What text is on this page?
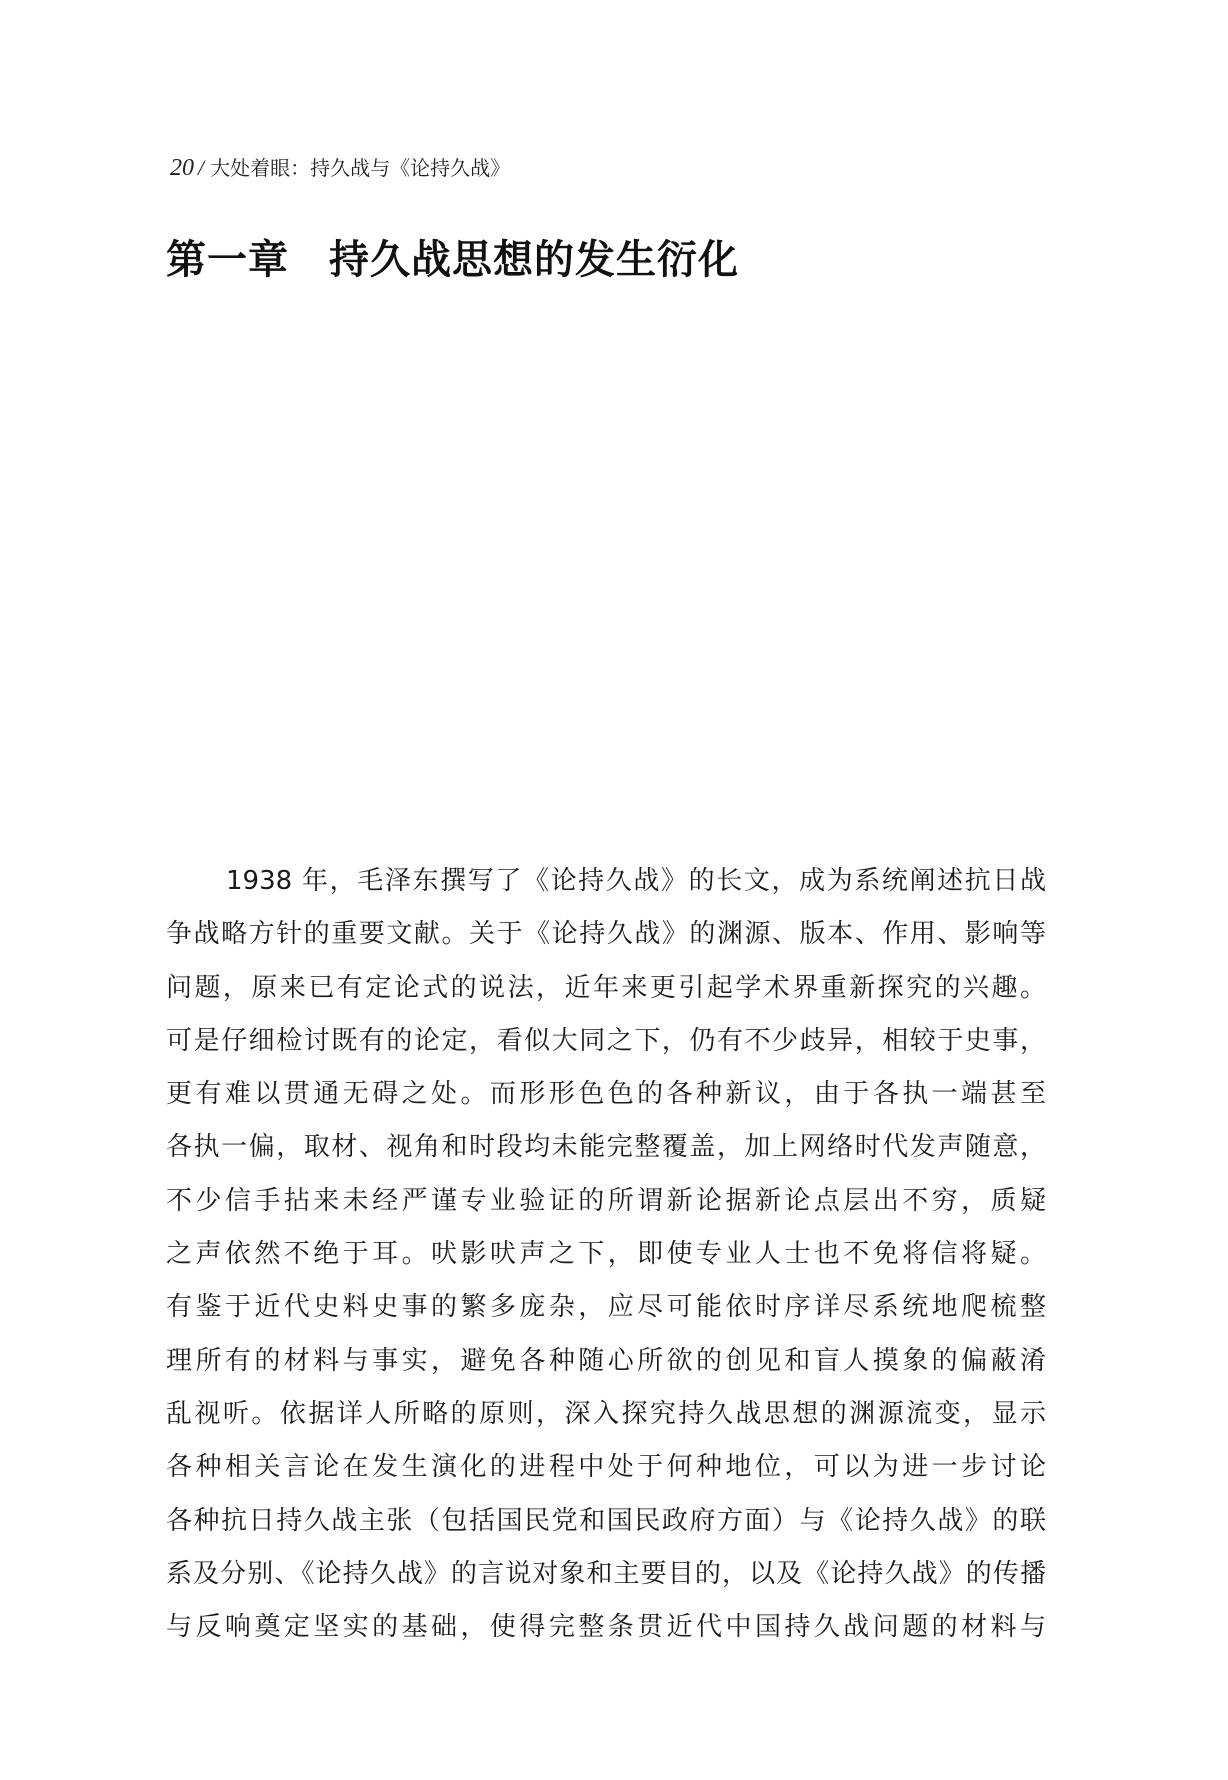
20 / 大处着眼：持久战与《论持久战》
第一章 持久战思想的发生衍化
1938 年，毛泽东撰写了《论持久战》的长文，成为系统阐述抗日战
争战略方针的重要文献。关于《论持久战》的渊源、版本、作用、影响等
问题，原来已有定论式的说法，近年来更引起学术界重新探究的兴趣。
可是仔细检讨既有的论定，看似大同之下，仍有不少歧异，相较于史事，
更有难以贯通无碍之处。而形形色色的各种新议，由于各执一端甚至
各执一偏，取材、视角和时段均未能完整覆盖，加上网络时代发声随意，
不少信手拈来未经严谨专业验证的所谓新论据新论点层出不穷，质疑
之声依然不绝于耳。吠影吠声之下，即使专业人士也不免将信将疑。
有鉴于近代史料史事的繁多庞杂，应尽可能依时序详尽系统地爬梳整
理所有的材料与事实，避免各种随心所欲的创见和盲人摸象的偏蔽淆
乱视听。依据详人所略的原则，深入探究持久战思想的渊源流变，显示
各种相关言论在发生演化的进程中处于何种地位，可以为进一步讨论
各种抗日持久战主张（包括国民党和国民政府方面）与《论持久战》的联
系及分别、《论持久战》的言说对象和主要目的，以及《论持久战》的传播
与反响奠定坚实的基础，使得完整条贯近代中国持久战问题的材料与
